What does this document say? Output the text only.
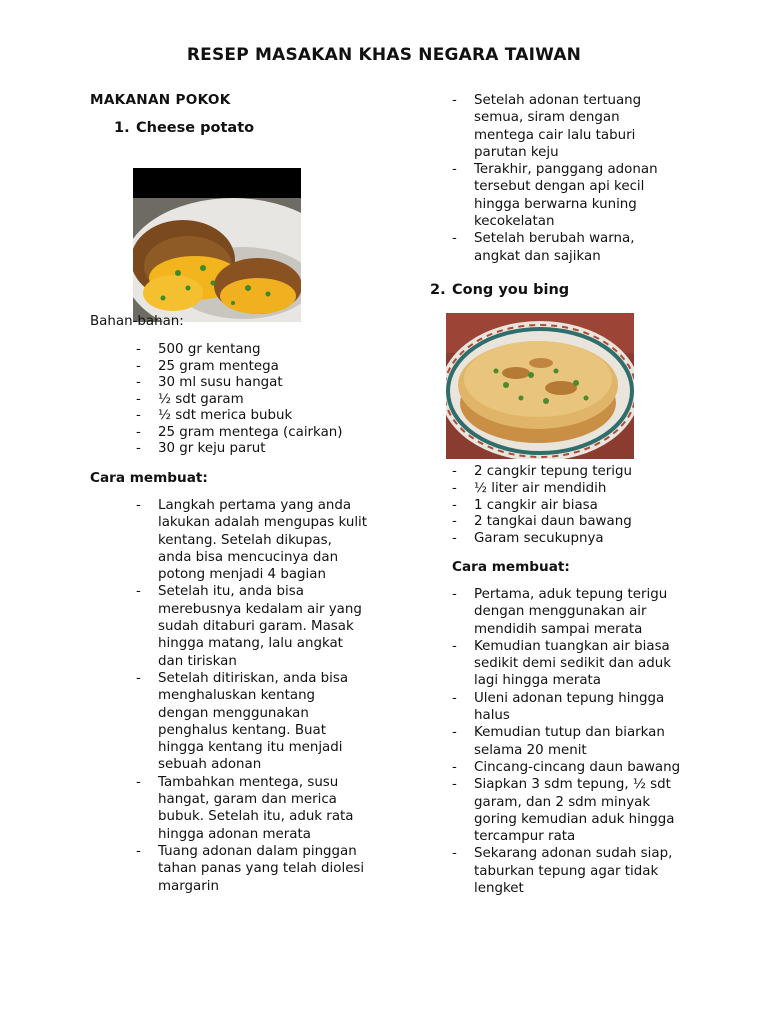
RESEP MASAKAN KHAS NEGARA TAIWAN
MAKANAN POKOK
1. Cheese potato
Bahan-bahan:
- 500 gr kentang
- 25 gram mentega
- 30 ml susu hangat
- ½ sdt garam
- ½ sdt merica bubuk
- 25 gram mentega (cairkan)
- 30 gr keju parut
Cara membuat:
- Langkah pertama yang anda lakukan adalah mengupas kulit kentang. Setelah dikupas, anda bisa mencucinya dan potong menjadi 4 bagian
- Setelah itu, anda bisa merebusnya kedalam air yang sudah ditaburi garam. Masak hingga matang, lalu angkat dan tiriskan
- Setelah ditiriskan, anda bisa menghaluskan kentang dengan menggunakan penghalus kentang. Buat hingga kentang itu menjadi sebuah adonan
- Tambahkan mentega, susu hangat, garam dan merica bubuk. Setelah itu, aduk rata hingga adonan merata
- Tuang adonan dalam pinggan tahan panas yang telah diolesi margarin
- Setelah adonan tertuang semua, siram dengan mentega cair lalu taburi parutan keju
- Terakhir, panggang adonan tersebut dengan api kecil hingga berwarna kuning kecokelatan
- Setelah berubah warna, angkat dan sajikan
2. Cong you bing
- 2 cangkir tepung terigu
- ½ liter air mendidih
- 1 cangkir air biasa
- 2 tangkai daun bawang
- Garam secukupnya
Cara membuat:
- Pertama, aduk tepung terigu dengan menggunakan air mendidih sampai merata
- Kemudian tuangkan air biasa sedikit demi sedikit dan aduk lagi hingga merata
- Uleni adonan tepung hingga halus
- Kemudian tutup dan biarkan selama 20 menit
- Cincang-cincang daun bawang
- Siapkan 3 sdm tepung, ½ sdt garam, dan 2 sdm minyak goring kemudian aduk hingga tercampur rata
- Sekarang adonan sudah siap, taburkan tepung agar tidak lengket
